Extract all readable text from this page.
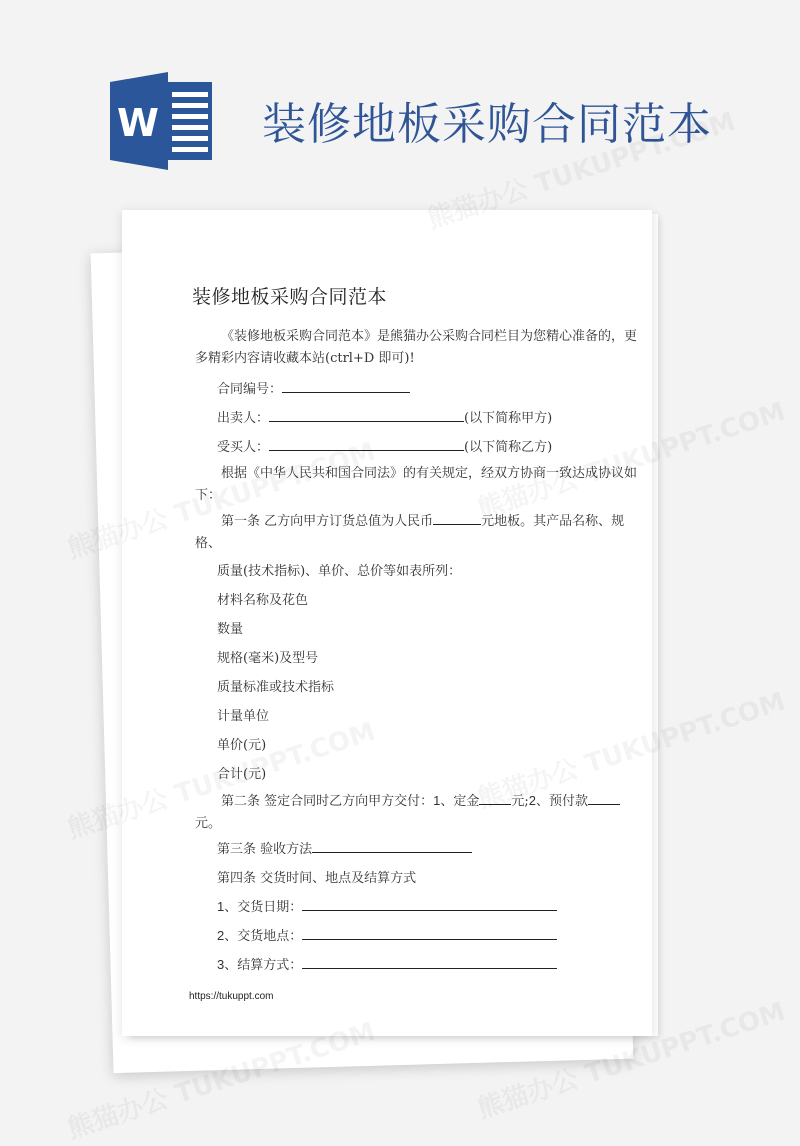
W 装修地板采购合同范本
装修地板采购合同范本
《装修地板采购合同范本》是熊猫办公采购合同栏目为您精心准备的，更多精彩内容请收藏本站(ctrl+D 即可)!
合同编号：
出卖人：	(以下简称甲方)
受买人：	(以下简称乙方)
根据《中华人民共和国合同法》的有关规定，经双方协商一致达成协议如下：
第一条 乙方向甲方订货总值为人民币	元地板。其产品名称、规格、
质量(技术指标)、单价、总价等如表所列：
材料名称及花色
数量
规格(毫米)及型号
质量标准或技术指标
计量单位
单价(元)
合计(元)
第二条 签定合同时乙方向甲方交付：1、定金 元;2、预付款元。
第三条 验收方法
第四条 交货时间、地点及结算方式
1、交货日期：
2、交货地点：
3、结算方式：
https://tukuppt.com
